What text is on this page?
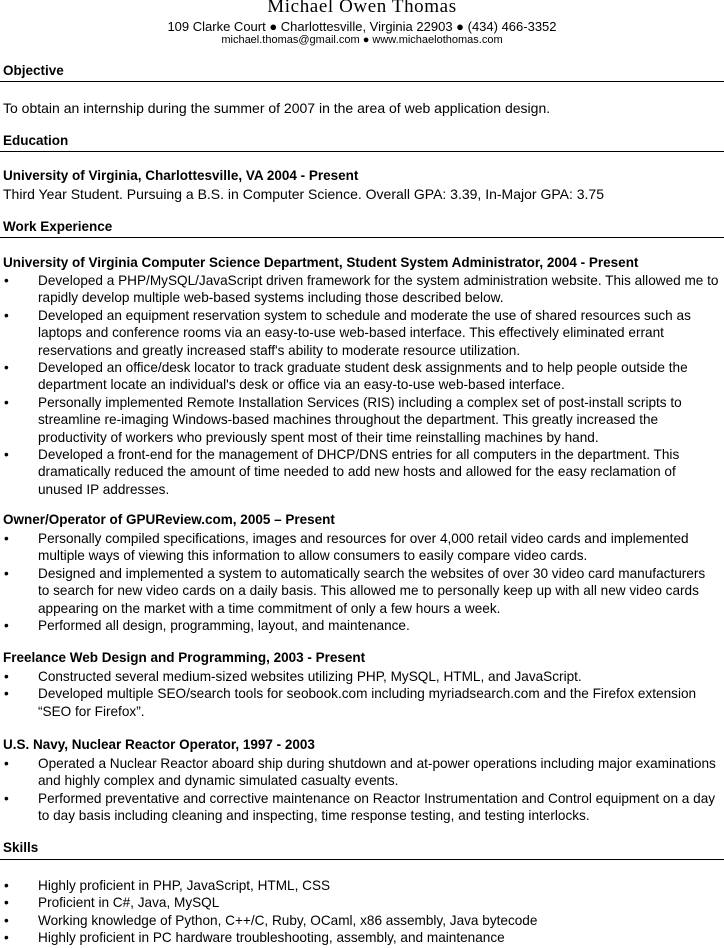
Michael Owen Thomas
109 Clarke Court ● Charlottesville, Virginia 22903 ● (434) 466-3352
michael.thomas@gmail.com ● www.michaelothomas.com
Objective
To obtain an internship during the summer of 2007 in the area of web application design.
Education
University of Virginia, Charlottesville, VA 2004 - Present
Third Year Student. Pursuing a B.S. in Computer Science. Overall GPA: 3.39, In-Major GPA: 3.75
Work Experience
University of Virginia Computer Science Department, Student System Administrator, 2004 - Present
• Developed a PHP/MySQL/JavaScript driven framework for the system administration website. This allowed me to rapidly develop multiple web-based systems including those described below.
• Developed an equipment reservation system to schedule and moderate the use of shared resources such as laptops and conference rooms via an easy-to-use web-based interface. This effectively eliminated errant reservations and greatly increased staff's ability to moderate resource utilization.
• Developed an office/desk locator to track graduate student desk assignments and to help people outside the department locate an individual's desk or office via an easy-to-use web-based interface.
• Personally implemented Remote Installation Services (RIS) including a complex set of post-install scripts to streamline re-imaging Windows-based machines throughout the department. This greatly increased the productivity of workers who previously spent most of their time reinstalling machines by hand.
• Developed a front-end for the management of DHCP/DNS entries for all computers in the department. This dramatically reduced the amount of time needed to add new hosts and allowed for the easy reclamation of unused IP addresses.
Owner/Operator of GPUReview.com, 2005 – Present
• Personally compiled specifications, images and resources for over 4,000 retail video cards and implemented multiple ways of viewing this information to allow consumers to easily compare video cards.
• Designed and implemented a system to automatically search the websites of over 30 video card manufacturers to search for new video cards on a daily basis. This allowed me to personally keep up with all new video cards appearing on the market with a time commitment of only a few hours a week.
• Performed all design, programming, layout, and maintenance.
Freelance Web Design and Programming, 2003 - Present
• Constructed several medium-sized websites utilizing PHP, MySQL, HTML, and JavaScript.
• Developed multiple SEO/search tools for seobook.com including myriadsearch.com and the Firefox extension “SEO for Firefox”.
U.S. Navy, Nuclear Reactor Operator, 1997 - 2003
• Operated a Nuclear Reactor aboard ship during shutdown and at-power operations including major examinations and highly complex and dynamic simulated casualty events.
• Performed preventative and corrective maintenance on Reactor Instrumentation and Control equipment on a day to day basis including cleaning and inspecting, time response testing, and testing interlocks.
Skills
• Highly proficient in PHP, JavaScript, HTML, CSS
• Proficient in C#, Java, MySQL
• Working knowledge of Python, C++/C, Ruby, OCaml, x86 assembly, Java bytecode
• Highly proficient in PC hardware troubleshooting, assembly, and maintenance
